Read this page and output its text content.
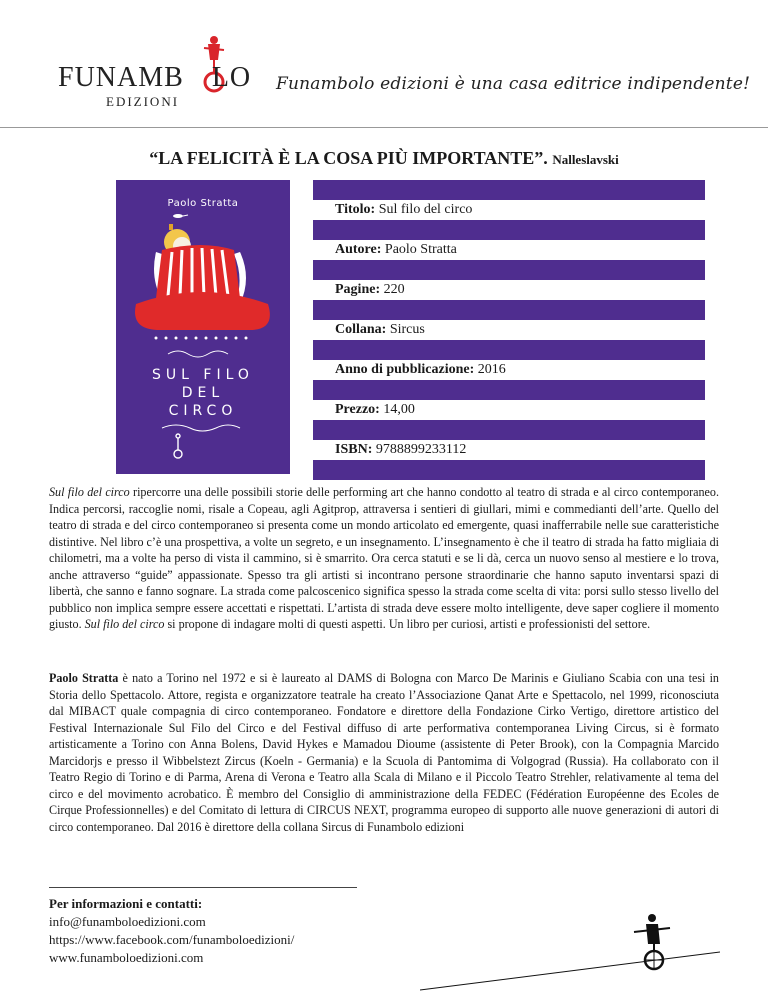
FUNAMB LO
EDIZIONI
Funambolo edizioni è una casa editrice indipendente!
“LA FELICITÀ È LA COSA PIÙ IMPORTANTE”. Nalleslavski
Paolo Stratta
SUL FILO
DEL
CIRCO
Titolo: Sul filo del circo
Autore: Paolo Stratta
Pagine: 220
Collana: Sircus
Anno di pubblicazione: 2016
Prezzo: 14,00
ISBN: 9788899233112
Sul filo del circo ripercorre una delle possibili storie delle performing art che hanno condotto al teatro di strada e al circo contemporaneo. Indica percorsi, raccoglie nomi, risale a Copeau, agli Agitprop, attraversa i sentieri di giullari, mimi e commedianti dell’arte. Quello del teatro di strada e del circo contemporaneo si presenta come un mondo articolato ed emergente, quasi inafferrabile nelle sue caratteristiche distintive. Nel libro c’è una prospettiva, a volte un segreto, e un insegnamento. L’insegnamento è che il teatro di strada ha fatto migliaia di chilometri, ma a volte ha perso di vista il cammino, si è smarrito. Ora cerca statuti e se li dà, cerca un nuovo senso al mestiere e lo trova, anche attraverso “guide” appassionate. Spesso tra gli artisti si incontrano persone straordinarie che hanno saputo inventarsi spazi di libertà, che sanno e fanno sognare. La strada come palcoscenico significa spesso la strada come scelta di vita: porsi sullo stesso livello del pubblico non implica sempre essere accettati e rispettati. L’artista di strada deve essere molto intelligente, deve saper cogliere il momento giusto. Sul filo del circo si propone di indagare molti di questi aspetti. Un libro per curiosi, artisti e professionisti del settore.
Paolo Stratta è nato a Torino nel 1972 e si è laureato al DAMS di Bologna con Marco De Marinis e Giuliano Scabia con una tesi in Storia dello Spettacolo. Attore, regista e organizzatore teatrale ha creato l’Associazione Qanat Arte e Spettacolo, nel 1999, riconosciuta dal MIBACT quale compagnia di circo contemporaneo. Fondatore e direttore della Fondazione Cirko Vertigo, direttore artistico del Festival Internazionale Sul Filo del Circo e del Festival diffuso di arte performativa contemporanea Living Circus, si è formato artisticamente a Torino con Anna Bolens, David Hykes e Mamadou Dioume (assistente di Peter Brook), con la Compagnia Marcido Marcidorjs e presso il Wibbelstezt Zircus (Koeln - Germania) e la Scuola di Pantomima di Volgograd (Russia). Ha collaborato con il Teatro Regio di Torino e di Parma, Arena di Verona e Teatro alla Scala di Milano e il Piccolo Teatro Strehler, relativamente al tema del circo e del movimento acrobatico. È membro del Consiglio di amministrazione della FEDEC (Fédération Européenne des Ecoles de Cirque Professionnelles) e del Comitato di lettura di CIRCUS NEXT, programma europeo di supporto alle nuove generazioni di autori di circo contemporaneo. Dal 2016 è direttore della collana Sircus di Funambolo edizioni
Per informazioni e contatti:
info@funamboloedizioni.com
https://www.facebook.com/funamboloedizioni/
www.funamboloedizioni.com
